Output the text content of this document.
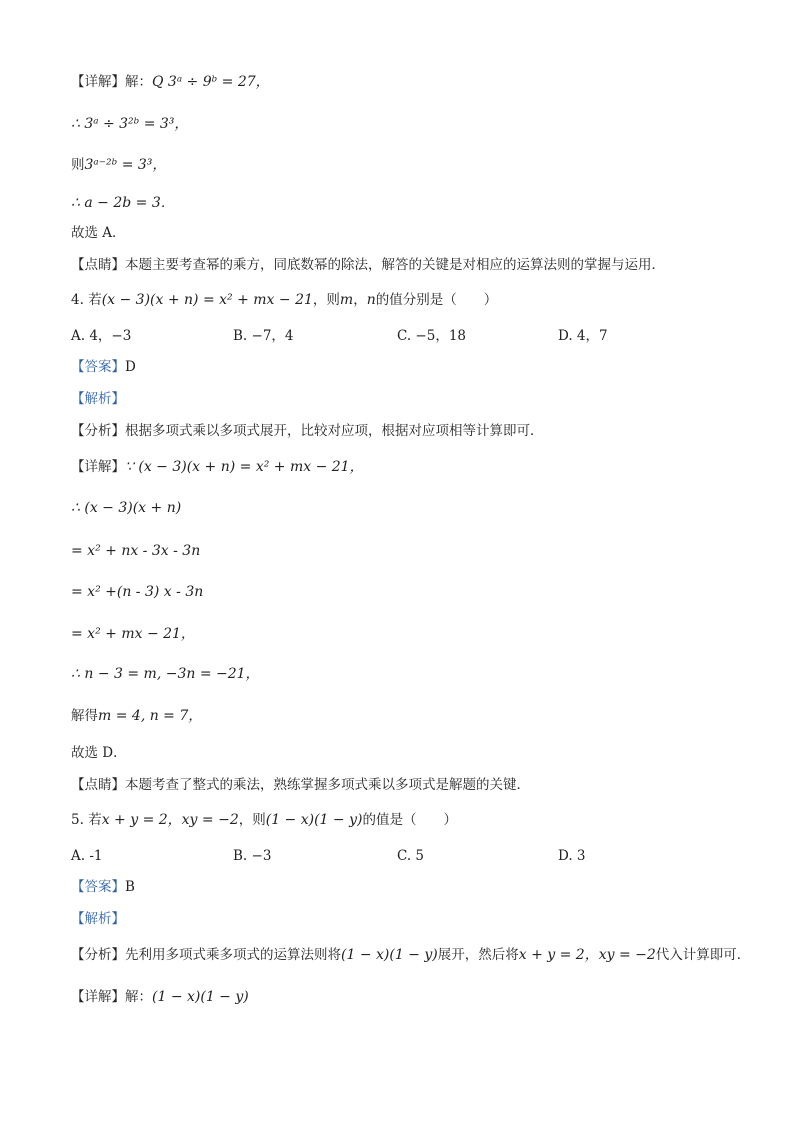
【详解】解：Q 3ᵃ ÷ 9ᵇ = 27，
∴ 3ᵃ ÷ 3²ᵇ = 3³，
则3ᵃ⁻²ᵇ = 3³，
∴ a − 2b = 3．
故选 A．
【点睛】本题主要考查幂的乘方，同底数幂的除法，解答的关键是对相应的运算法则的掌握与运用．
4. 若(x − 3)(x + n) = x² + mx − 21，则m，n的值分别是（　　）
A. 4，−3	B. −7，4	C. −5，18	D. 4，7
【答案】D
【解析】
【分析】根据多项式乘以多项式展开，比较对应项，根据对应项相等计算即可．
【详解】∵ (x − 3)(x + n) = x² + mx − 21，
∴ (x − 3)(x + n)
= x² + nx - 3x - 3n
= x² +(n - 3) x - 3n
= x² + mx − 21，
∴ n − 3 = m, −3n = −21，
解得m = 4, n = 7，
故选 D．
【点睛】本题考查了整式的乘法，熟练掌握多项式乘以多项式是解题的关键．
5. 若x + y = 2，xy = −2，则(1 − x)(1 − y)的值是（　　）
A. -1	B. −3	C. 5	D. 3
【答案】B
【解析】
【分析】先利用多项式乘多项式的运算法则将(1 − x)(1 − y)展开，然后将x + y = 2，xy = −2代入计算即可．
【详解】解：(1 − x)(1 − y)
